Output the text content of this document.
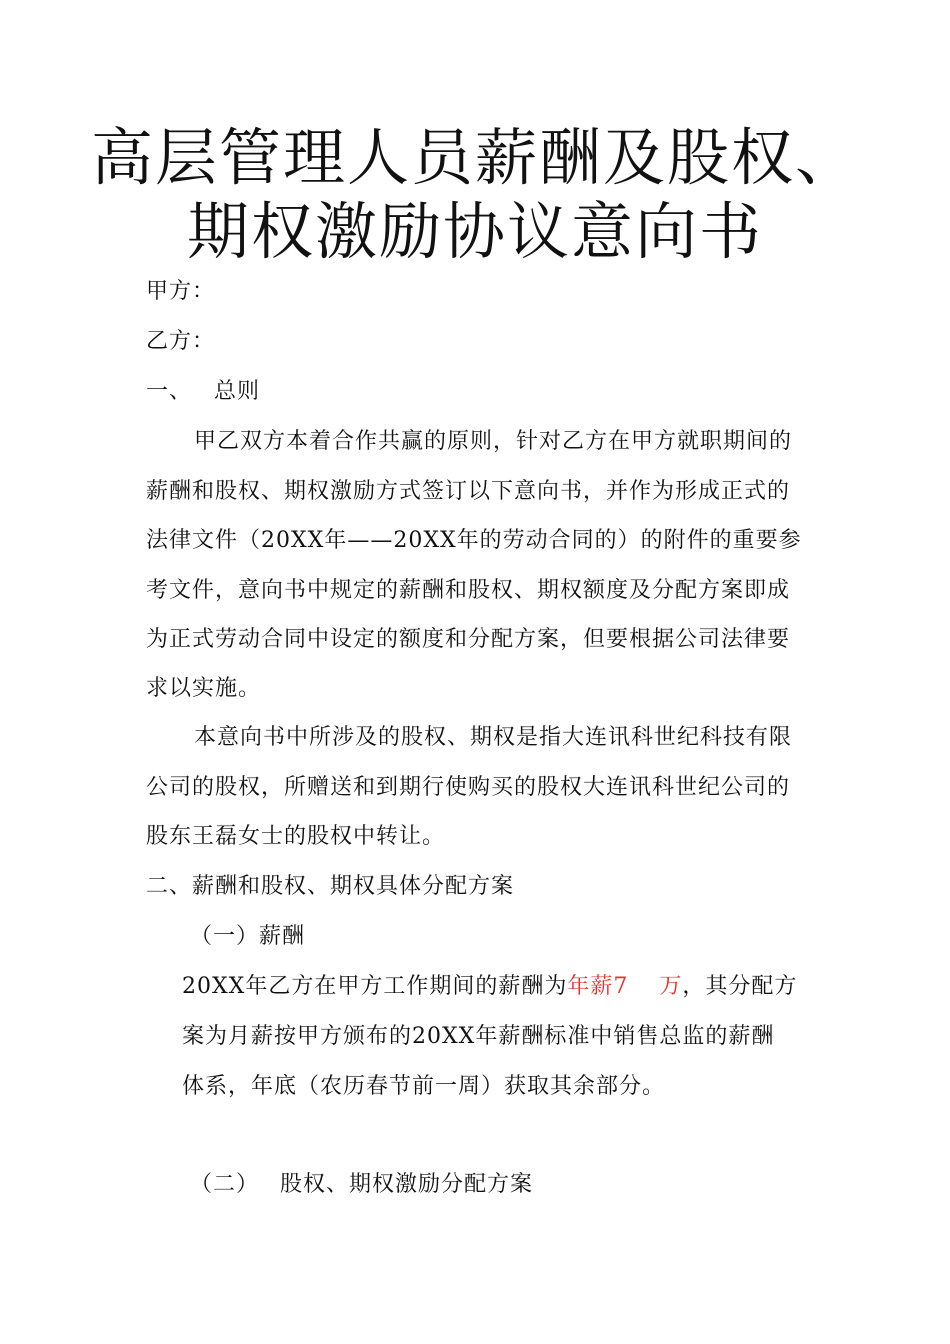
高层管理人员薪酬及股权、
期权激励协议意向书
甲方：
乙方：
一、 总则
甲乙双方本着合作共赢的原则，针对乙方在甲方就职期间的
薪酬和股权、期权激励方式签订以下意向书，并作为形成正式的
法律文件（20XX年——20XX年的劳动合同的）的附件的重要参
考文件，意向书中规定的薪酬和股权、期权额度及分配方案即成
为正式劳动合同中设定的额度和分配方案，但要根据公司法律要
求以实施。
本意向书中所涉及的股权、期权是指大连讯科世纪科技有限
公司的股权，所赠送和到期行使购买的股权大连讯科世纪公司的
股东王磊女士的股权中转让。
二、薪酬和股权、期权具体分配方案
（一）薪酬
20XX年乙方在甲方工作期间的薪酬为年薪7　 万，其分配方
案为月薪按甲方颁布的20XX年薪酬标准中销售总监的薪酬
体系，年底（农历春节前一周）获取其余部分。
（二） 股权、期权激励分配方案
